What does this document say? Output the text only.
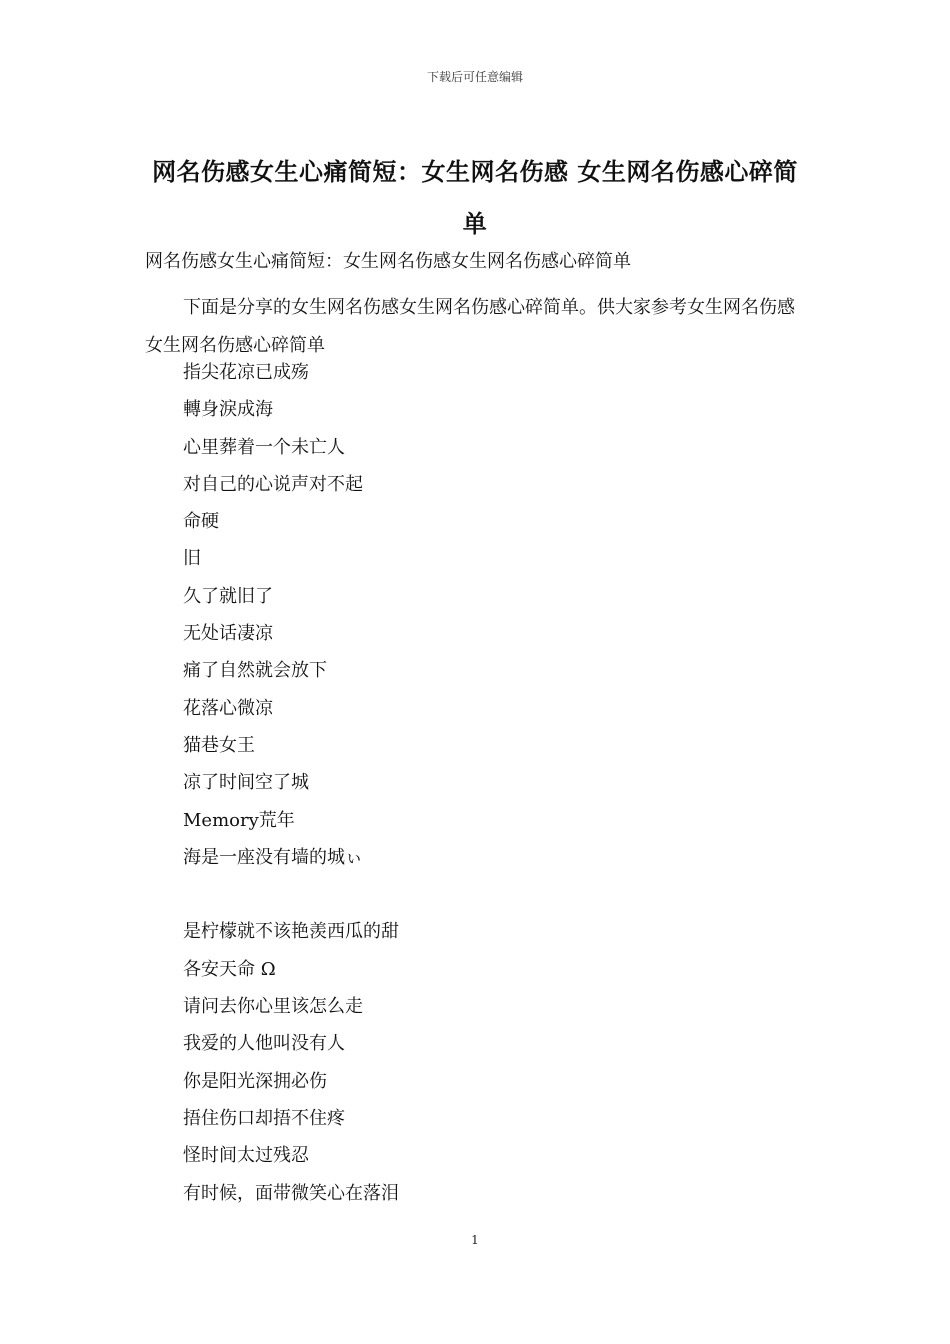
下载后可任意编辑
网名伤感女生心痛简短：女生网名伤感 女生网名伤感心碎简单
网名伤感女生心痛简短：女生网名伤感女生网名伤感心碎简单
下面是分享的女生网名伤感女生网名伤感心碎简单。供大家参考女生网名伤感女生网名伤感心碎简单
指尖花凉已成殇
轉身淚成海
心里葬着一个未亡人
对自己的心说声对不起
命硬
旧
久了就旧了
无处话凄凉
痛了自然就会放下
花落心微凉
猫巷女王
凉了时间空了城
Memory荒年
海是一座没有墙的城ぃ
是柠檬就不该艳羡西瓜的甜
各安天命 Ω
请问去你心里该怎么走
我爱的人他叫没有人
你是阳光深拥必伤
捂住伤口却捂不住疼
怪时间太过残忍
有时候，面带微笑心在落泪
1
